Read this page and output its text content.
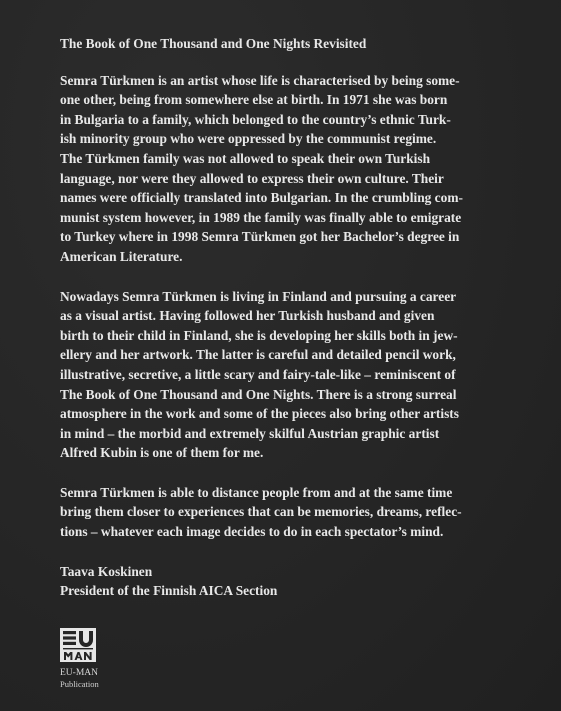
The Book of One Thousand and One Nights Revisited
Semra Türkmen is an artist whose life is characterised by being some-
one other, being from somewhere else at birth. In 1971 she was born
in Bulgaria to a family, which belonged to the country’s ethnic Turk-
ish minority group who were oppressed by the communist regime.
The Türkmen family was not allowed to speak their own Turkish
language, nor were they allowed to express their own culture. Their
names were officially translated into Bulgarian. In the crumbling com-
munist system however, in 1989 the family was finally able to emigrate
to Turkey where in 1998 Semra Türkmen got her Bachelor’s degree in
American Literature.
Nowadays Semra Türkmen is living in Finland and pursuing a career
as a visual artist. Having followed her Turkish husband and given
birth to their child in Finland, she is developing her skills both in jew-
ellery and her artwork. The latter is careful and detailed pencil work,
illustrative, secretive, a little scary and fairy-tale-like – reminiscent of
The Book of One Thousand and One Nights. There is a strong surreal
atmosphere in the work and some of the pieces also bring other artists
in mind – the morbid and extremely skilful Austrian graphic artist
Alfred Kubin is one of them for me.
Semra Türkmen is able to distance people from and at the same time
bring them closer to experiences that can be memories, dreams, reflec-
tions – whatever each image decides to do in each spectator’s mind.
Taava Koskinen
President of the Finnish AICA Section
EU-MAN
Publication
